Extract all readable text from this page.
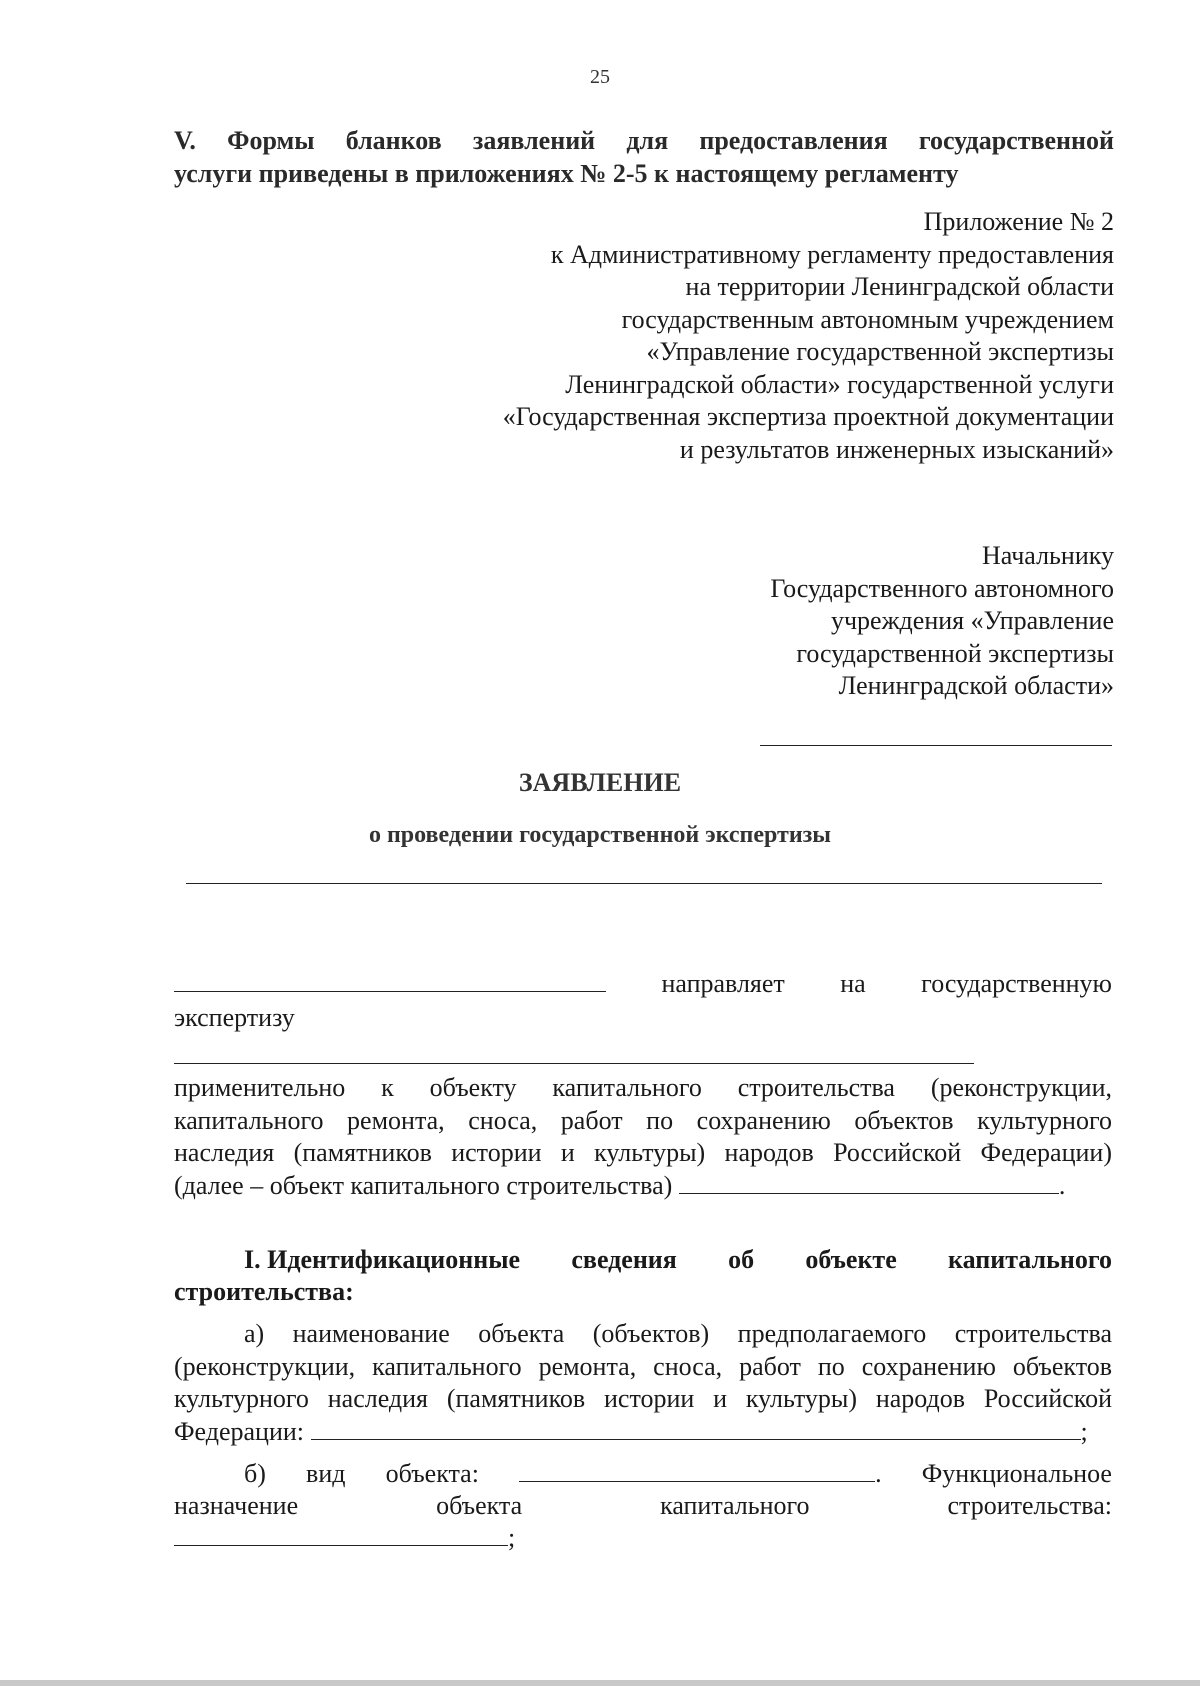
25
V. Формы бланков заявлений для предоставления государственной
услуги приведены в приложениях № 2-5 к настоящему регламенту
Приложение № 2
к Административному регламенту предоставления
на территории Ленинградской области
государственным автономным учреждением
«Управление государственной экспертизы
Ленинградской области» государственной услуги
«Государственная экспертиза проектной документации
и результатов инженерных изысканий»
Начальнику
Государственного автономного
учреждения «Управление
государственной экспертизы
Ленинградской области»
ЗАЯВЛЕНИЕ
о проведении государственной экспертизы
направляет на государственную
экспертизу
применительно к объекту капитального строительства (реконструкции,
капитального ремонта, сноса, работ по сохранению объектов культурного
наследия (памятников истории и культуры) народов Российской Федерации)
(далее – объект капитального строительства)	.
I. Идентификационные сведения об объекте капитального
строительства:
а) наименование объекта (объектов) предполагаемого строительства
(реконструкции, капитального ремонта, сноса, работ по сохранению объектов
культурного наследия (памятников истории и культуры) народов Российской
Федерации:	;
б) вид объекта:	. Функциональное
назначение	объекта	капитального	строительства:
;
